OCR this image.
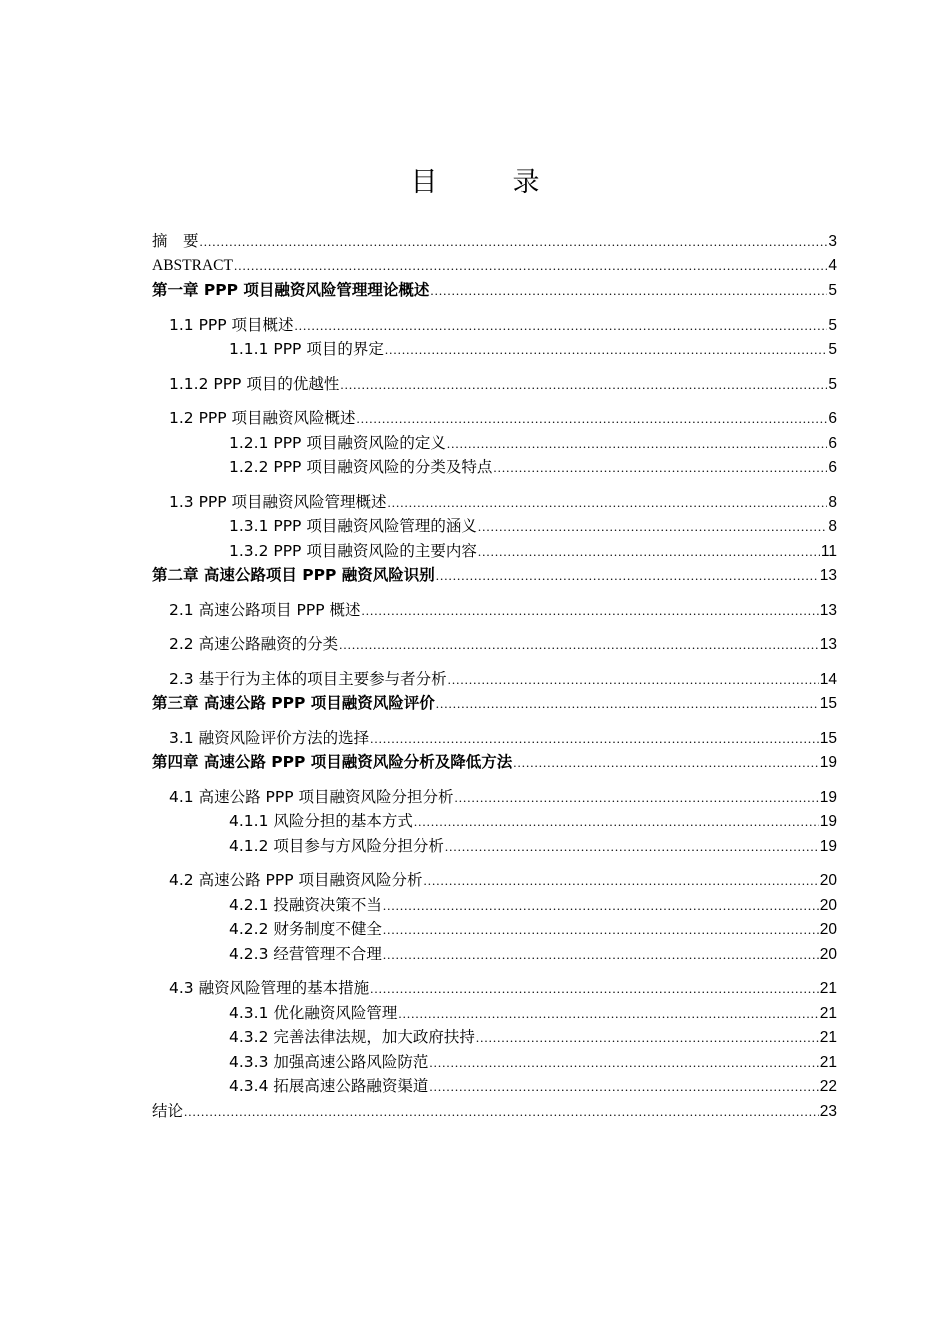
目　录
摘　要 .....	3
ABSTRACT .....	4
第一章 PPP 项目融资风险管理理论概述 .....	5
1.1 PPP 项目概述 .....	5
1.1.1 PPP 项目的界定 .....	5
1.1.2 PPP 项目的优越性 .....	5
1.2 PPP 项目融资风险概述 .....	6
1.2.1 PPP 项目融资风险的定义 .....	6
1.2.2 PPP 项目融资风险的分类及特点 .....	6
1.3 PPP 项目融资风险管理概述 .....	8
1.3.1 PPP 项目融资风险管理的涵义 .....	8
1.3.2 PPP 项目融资风险的主要内容 .....	11
第二章 高速公路项目 PPP 融资风险识别 .....	13
2.1 高速公路项目 PPP 概述 .....	13
2.2 高速公路融资的分类 .....	13
2.3 基于行为主体的项目主要参与者分析 .....	14
第三章 高速公路 PPP 项目融资风险评价 .....	15
3.1 融资风险评价方法的选择 .....	15
第四章 高速公路 PPP 项目融资风险分析及降低方法 .....	19
4.1 高速公路 PPP 项目融资风险分担分析 .....	19
4.1.1 风险分担的基本方式 .....	19
4.1.2 项目参与方风险分担分析 .....	19
4.2 高速公路 PPP 项目融资风险分析 .....	20
4.2.1 投融资决策不当 .....	20
4.2.2 财务制度不健全 .....	20
4.2.3 经营管理不合理 .....	20
4.3 融资风险管理的基本措施 .....	21
4.3.1 优化融资风险管理 .....	21
4.3.2 完善法律法规，加大政府扶持 .....	21
4.3.3 加强高速公路风险防范 .....	21
4.3.4 拓展高速公路融资渠道 .....	22
结论 .....	23
